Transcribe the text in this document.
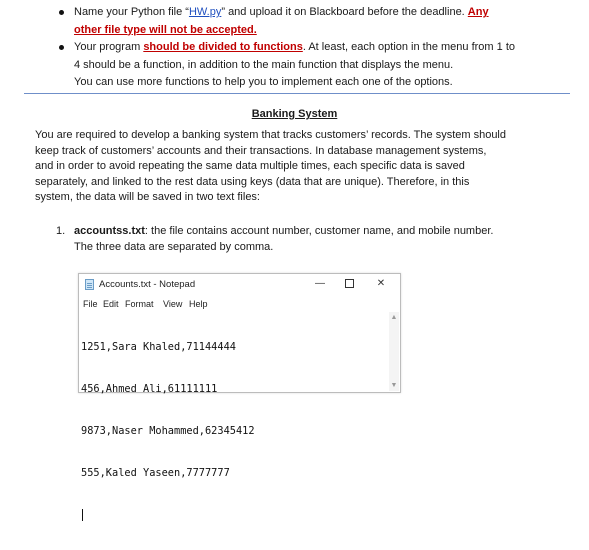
Name your Python file “HW.py” and upload it on Blackboard before the deadline. Any
other file type will not be accepted.
Your program should be divided to functions. At least, each option in the menu from 1 to
4 should be a function, in addition to the main function that displays the menu.
You can use more functions to help you to implement each one of the options.
Banking System
You are required to develop a banking system that tracks customers’ records. The system should
keep track of customers’ accounts and their transactions. In database management systems,
and in order to avoid repeating the same data multiple times, each specific data is saved
separately, and linked to the rest data using keys (data that are unique). Therefore, in this
system, the data will be saved in two text files:
1. accountss.txt: the file contains account number, customer name, and mobile number.
The three data are separated by comma.
Accounts.txt - Notepad	—	✕
File Edit Format View Help

1251,Sara Khaled,71144444

456,Ahmed Ali,61111111

9873,Naser Mohammed,62345412

555,Kaled Yaseen,7777777

▲
▼
